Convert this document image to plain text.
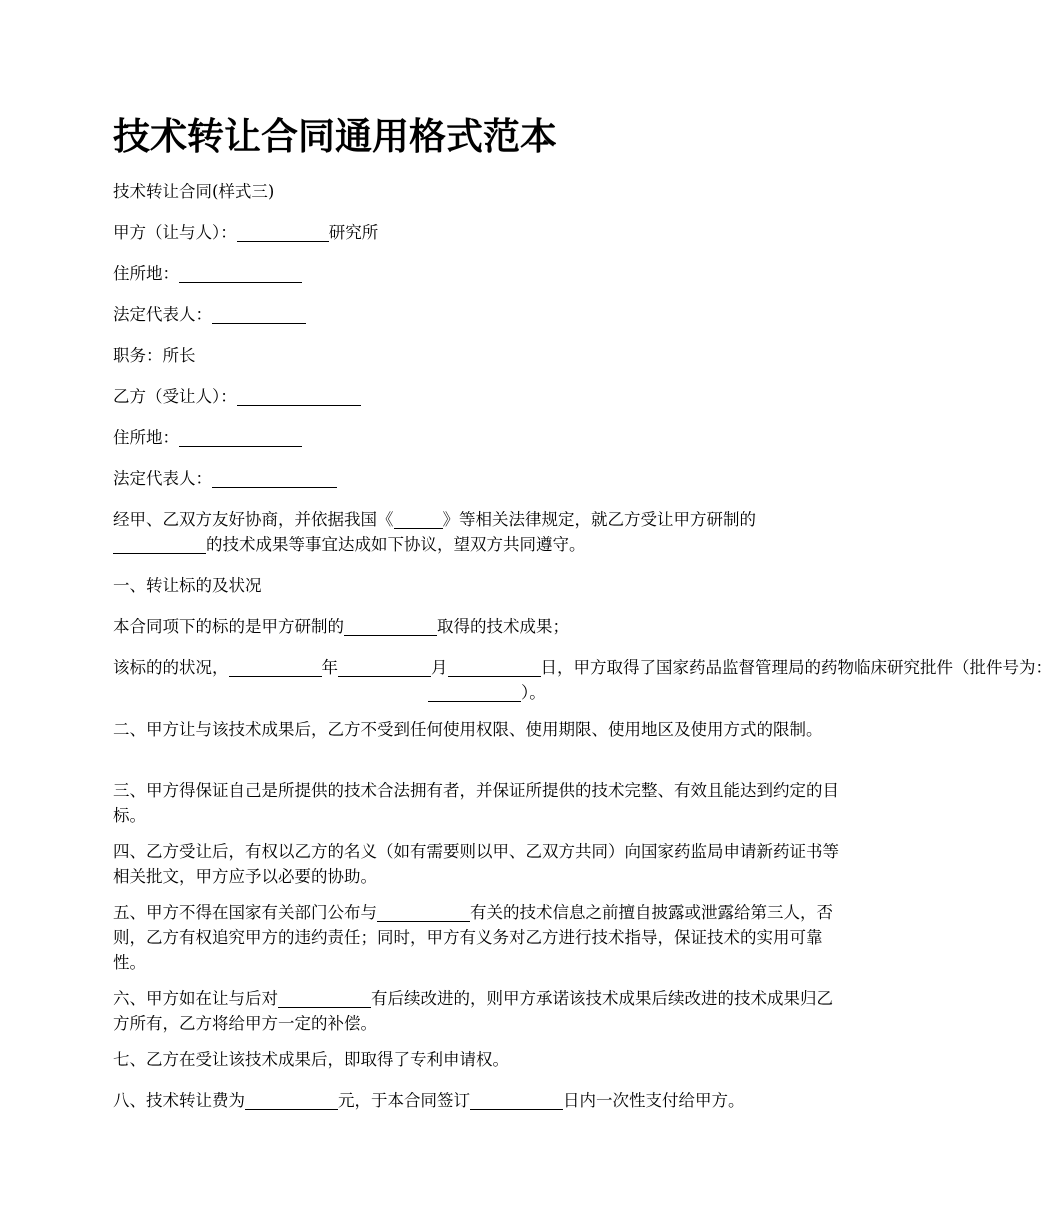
技术转让合同通用格式范本

技术转让合同(样式三)

甲方（让与人）：	研究所

住所地：

法定代表人：

职务：所长

乙方（受让人）：

住所地：

法定代表人：

经甲、乙双方友好协商，并依据我国《	》等相关法律规定，就乙方受让甲方研制的

的技术成果等事宜达成如下协议，望双方共同遵守。

一、转让标的及状况

本合同项下的标的是甲方研制的	取得的技术成果；

该标的的状况，	年	月	日，甲方取得了国家药品监督管理局的药物临床研究批件（批件号为：

）。

二、甲方让与该技术成果后，乙方不受到任何使用权限、使用期限、使用地区及使用方式的限制。

三、甲方得保证自己是所提供的技术合法拥有者，并保证所提供的技术完整、有效且能达到约定的目标。

四、乙方受让后，有权以乙方的名义（如有需要则以甲、乙双方共同）向国家药监局申请新药证书等相关批文，甲方应予以必要的协助。

五、甲方不得在国家有关部门公布与	有关的技术信息之前擅自披露或泄露给第三人，否则，乙方有权追究甲方的违约责任；同时，甲方有义务对乙方进行技术指导，保证技术的实用可靠性。

六、甲方如在让与后对	有后续改进的，则甲方承诺该技术成果后续改进的技术成果归乙方所有，乙方将给甲方一定的补偿。

七、乙方在受让该技术成果后，即取得了专利申请权。

八、技术转让费为	元，于本合同签订	日内一次性支付给甲方。
